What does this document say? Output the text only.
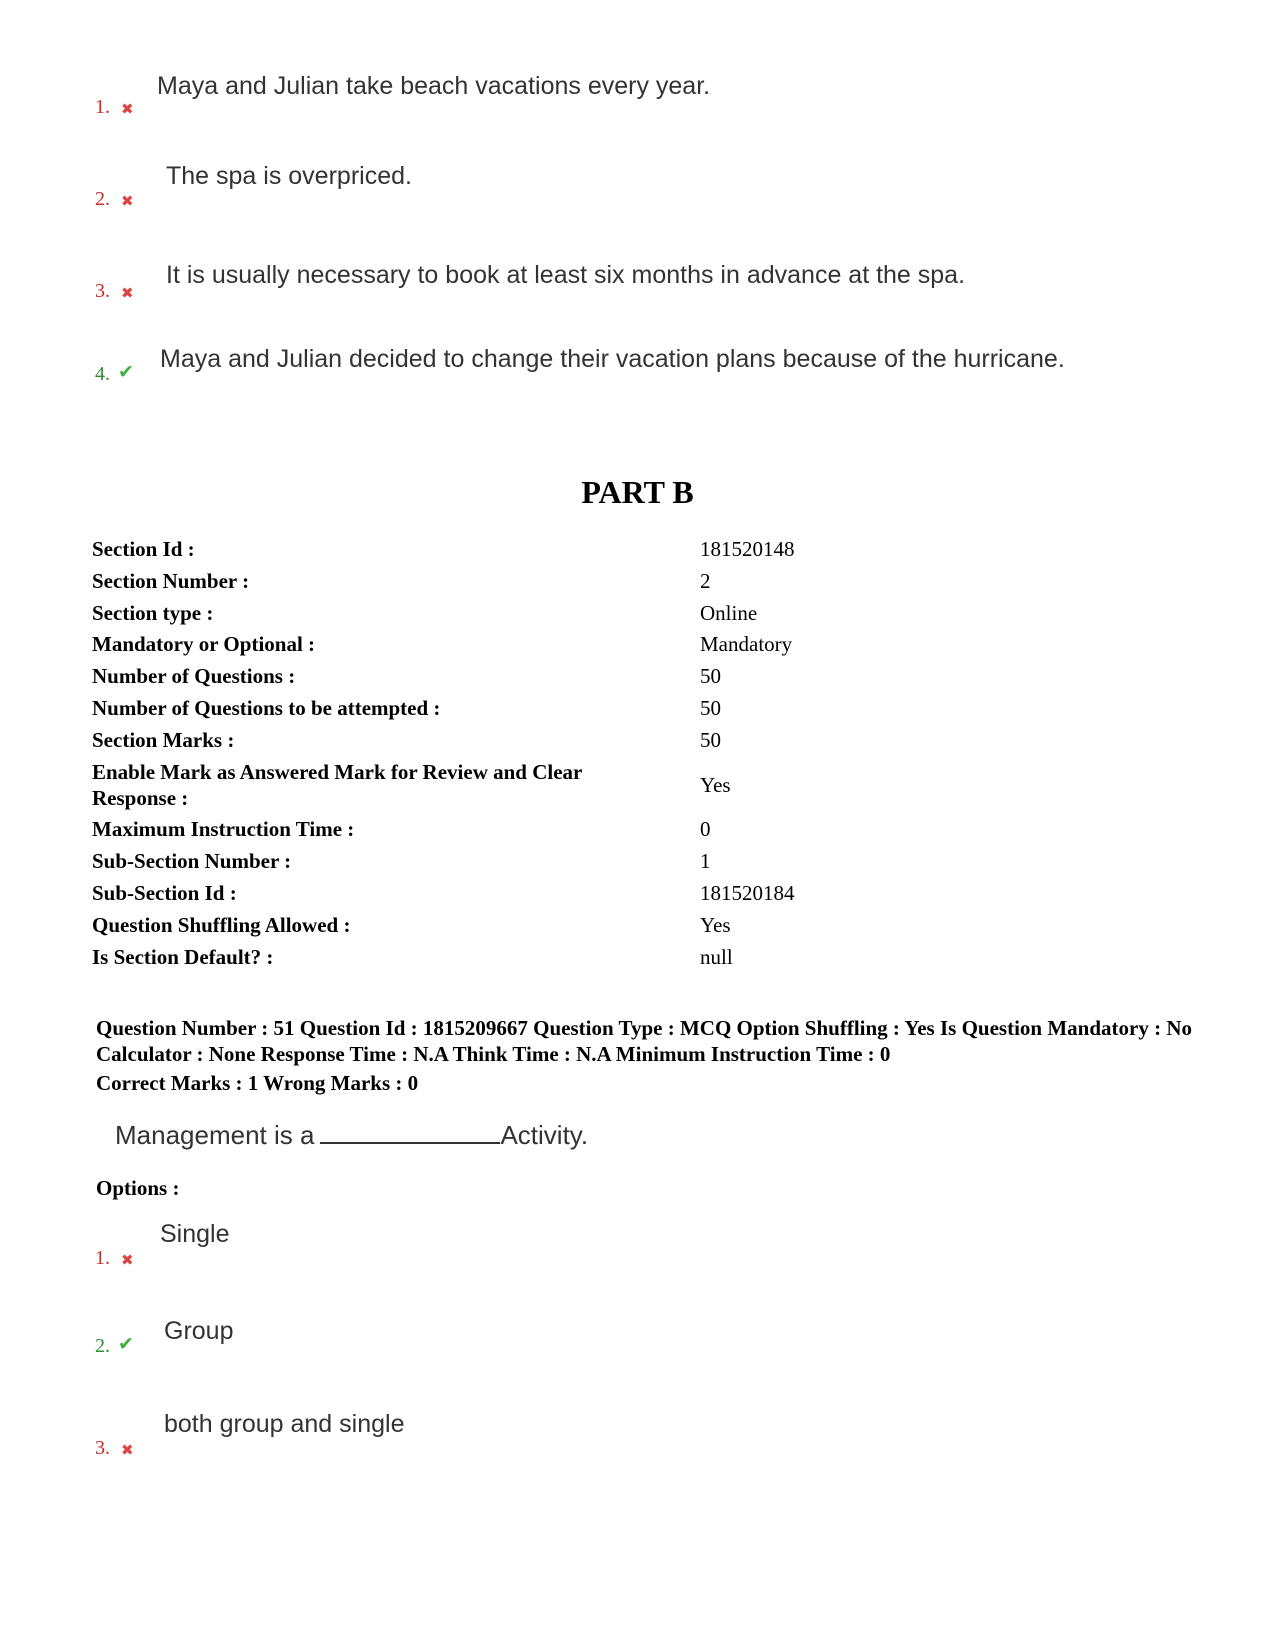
Maya and Julian take beach vacations every year.
1. ✖
The spa is overpriced.
2. ✖
It is usually necessary to book at least six months in advance at the spa.
3. ✖
Maya and Julian decided to change their vacation plans because of the hurricane.
4. ✔
PART B
Section Id :	181520148
Section Number :	2
Section type :	Online
Mandatory or Optional :	Mandatory
Number of Questions :	50
Number of Questions to be attempted :	50
Section Marks :	50
Enable Mark as Answered Mark for Review and Clear Response :
Yes
Maximum Instruction Time :	0
Sub-Section Number :	1
Sub-Section Id :	181520184
Question Shuffling Allowed :	Yes
Is Section Default? :	null
Question Number : 51 Question Id : 1815209667 Question Type : MCQ Option Shuffling : Yes Is Question Mandatory : No Calculator : None Response Time : N.A Think Time : N.A Minimum Instruction Time : 0
Correct Marks : 1 Wrong Marks : 0
Management is a	Activity.
Options :
Single
1. ✖
Group
2. ✔
both group and single
3. ✖
